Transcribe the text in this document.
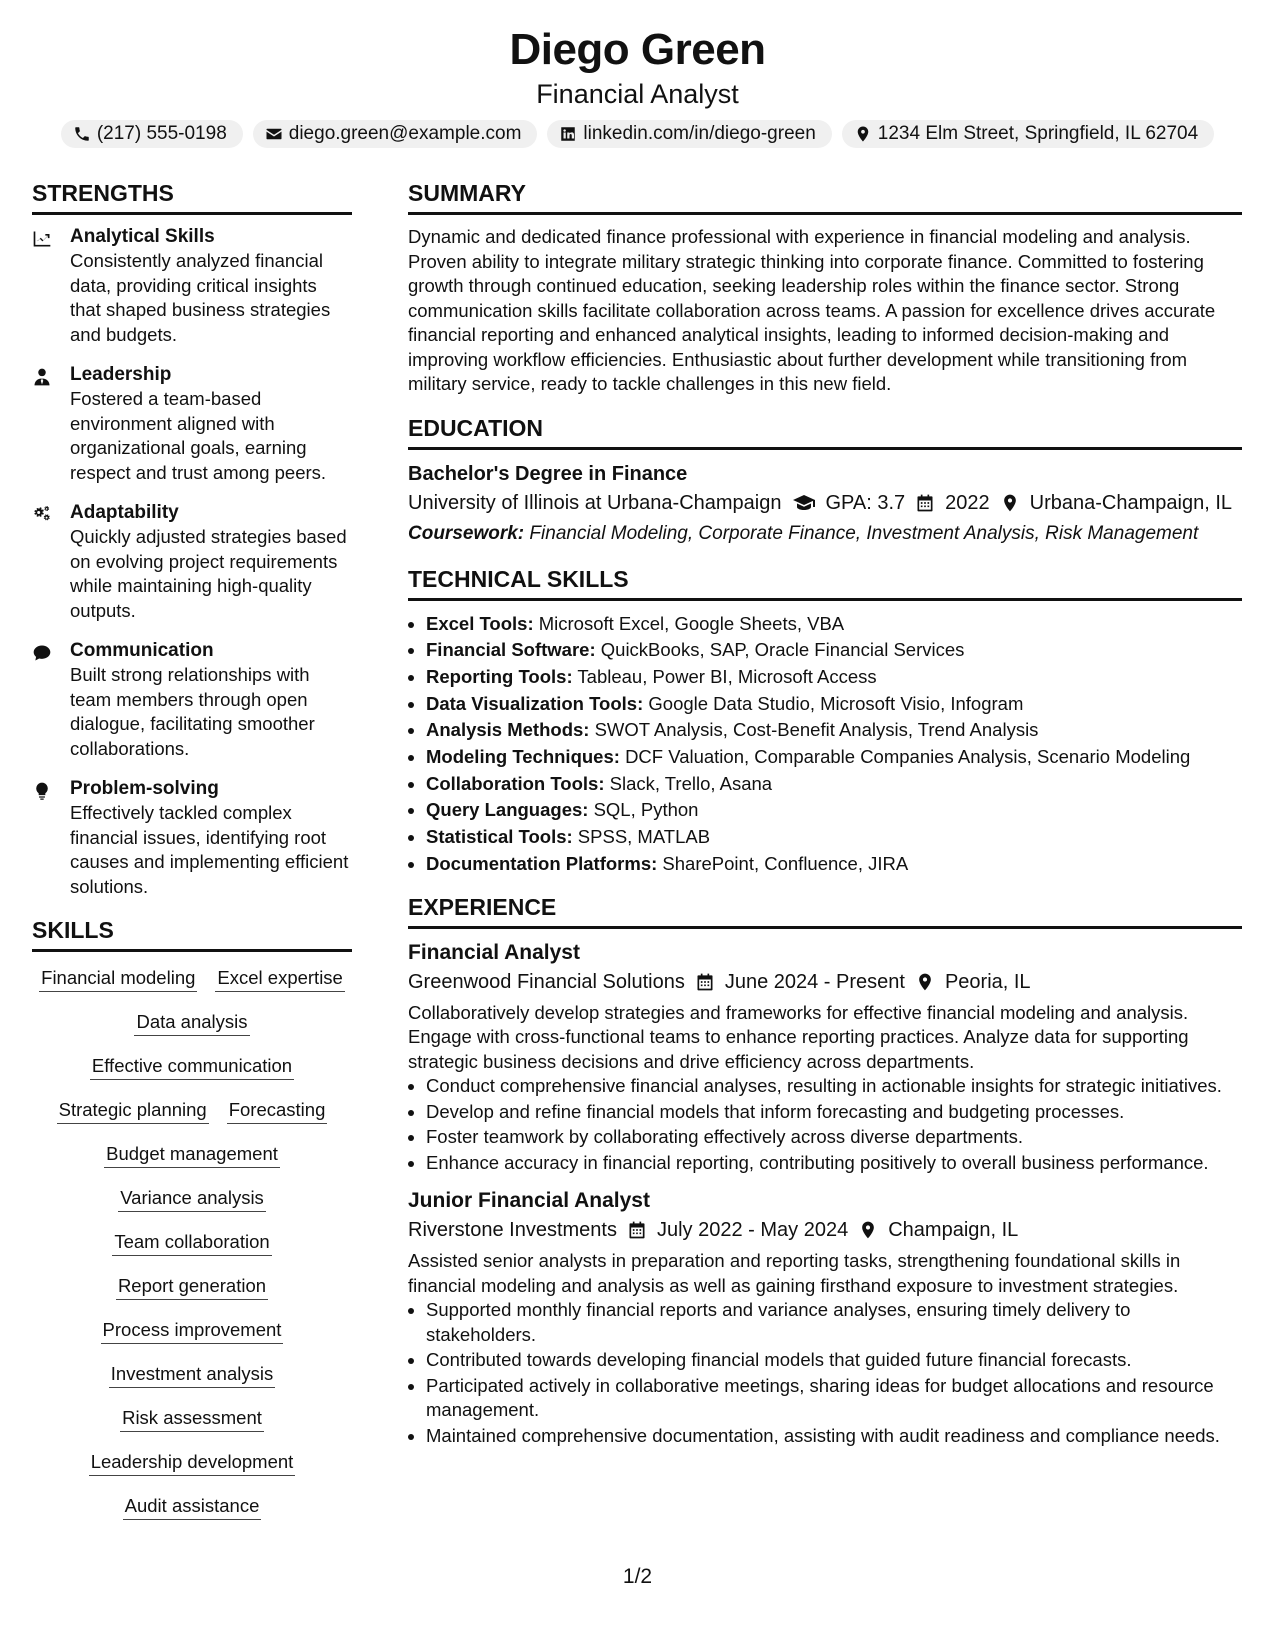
Diego Green
Financial Analyst
(217) 555-0198	diego.green@example.com	linkedin.com/in/diego-green	1234 Elm Street, Springfield, IL 62704
STRENGTHS
Analytical Skills
Consistently analyzed financial data, providing critical insights that shaped business strategies and budgets.
Leadership
Fostered a team-based environment aligned with organizational goals, earning respect and trust among peers.
Adaptability
Quickly adjusted strategies based on evolving project requirements while maintaining high-quality outputs.
Communication
Built strong relationships with team members through open dialogue, facilitating smoother collaborations.
Problem-solving
Effectively tackled complex financial issues, identifying root causes and implementing efficient solutions.
SKILLS
Financial modeling Excel expertise
Data analysis
Effective communication
Strategic planning Forecasting
Budget management
Variance analysis
Team collaboration
Report generation
Process improvement
Investment analysis
Risk assessment
Leadership development
Audit assistance
SUMMARY
Dynamic and dedicated finance professional with experience in financial modeling and analysis. Proven ability to integrate military strategic thinking into corporate finance. Committed to fostering growth through continued education, seeking leadership roles within the finance sector. Strong communication skills facilitate collaboration across teams. A passion for excellence drives accurate financial reporting and enhanced analytical insights, leading to informed decision-making and improving workflow efficiencies. Enthusiastic about further development while transitioning from military service, ready to tackle challenges in this new field.
EDUCATION
Bachelor's Degree in Finance
University of Illinois at Urbana-Champaign GPA: 3.7 2022 Urbana-Champaign, IL
Coursework: Financial Modeling, Corporate Finance, Investment Analysis, Risk Management
TECHNICAL SKILLS
• Excel Tools: Microsoft Excel, Google Sheets, VBA
• Financial Software: QuickBooks, SAP, Oracle Financial Services
• Reporting Tools: Tableau, Power BI, Microsoft Access
• Data Visualization Tools: Google Data Studio, Microsoft Visio, Infogram
• Analysis Methods: SWOT Analysis, Cost-Benefit Analysis, Trend Analysis
• Modeling Techniques: DCF Valuation, Comparable Companies Analysis, Scenario Modeling
• Collaboration Tools: Slack, Trello, Asana
• Query Languages: SQL, Python
• Statistical Tools: SPSS, MATLAB
• Documentation Platforms: SharePoint, Confluence, JIRA
EXPERIENCE
Financial Analyst
Greenwood Financial Solutions June 2024 - Present Peoria, IL
Collaboratively develop strategies and frameworks for effective financial modeling and analysis. Engage with cross-functional teams to enhance reporting practices. Analyze data for supporting strategic business decisions and drive efficiency across departments.
• Conduct comprehensive financial analyses, resulting in actionable insights for strategic initiatives.
• Develop and refine financial models that inform forecasting and budgeting processes.
• Foster teamwork by collaborating effectively across diverse departments.
• Enhance accuracy in financial reporting, contributing positively to overall business performance.
Junior Financial Analyst
Riverstone Investments July 2022 - May 2024 Champaign, IL
Assisted senior analysts in preparation and reporting tasks, strengthening foundational skills in financial modeling and analysis as well as gaining firsthand exposure to investment strategies.
• Supported monthly financial reports and variance analyses, ensuring timely delivery to stakeholders.
• Contributed towards developing financial models that guided future financial forecasts.
• Participated actively in collaborative meetings, sharing ideas for budget allocations and resource management.
• Maintained comprehensive documentation, assisting with audit readiness and compliance needs.
1/2
